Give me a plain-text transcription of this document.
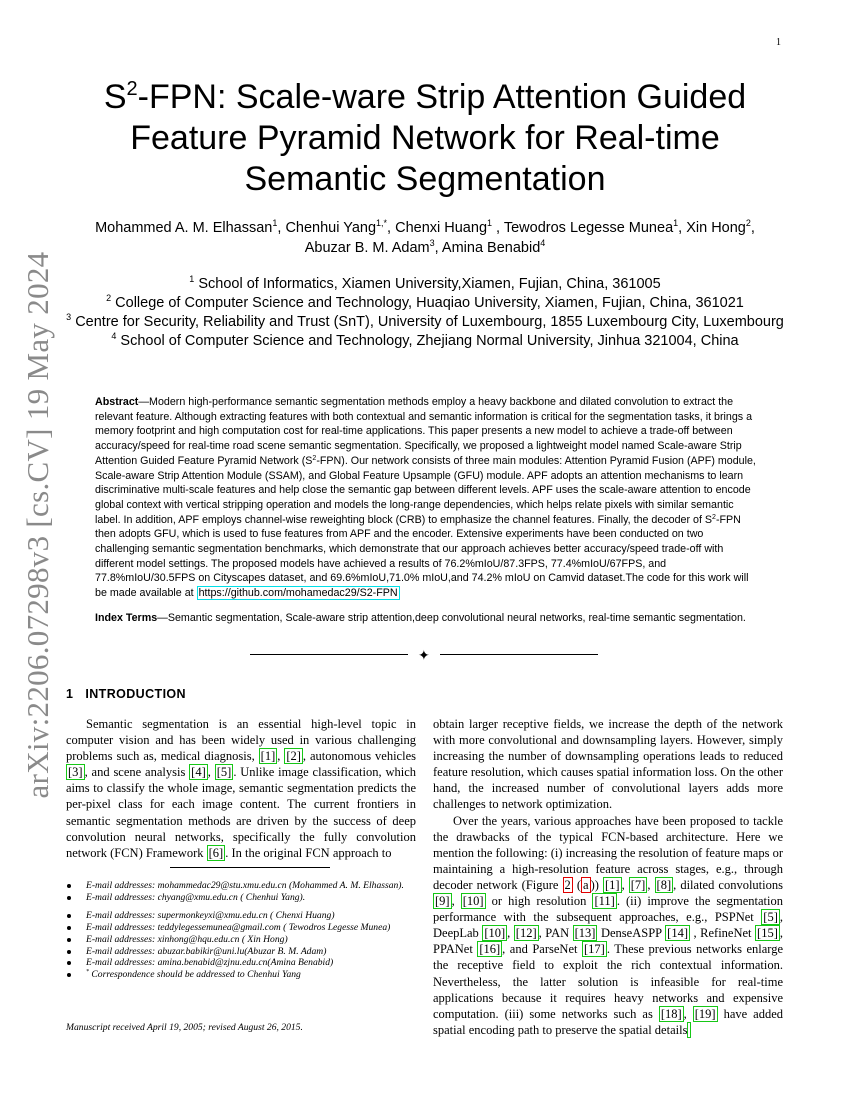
1
arXiv:2206.07298v3 [cs.CV] 19 May 2024
$S^2$-FPN: Scale-ware Strip Attention Guided Feature Pyramid Network for Real-time Semantic Segmentation
Mohammed A. M. Elhassan$^1$, Chenhui Yang$^{1,*}$, Chenxi Huang$^1$ , Tewodros Legesse Munea$^1$, Xin Hong$^2$,
Abuzar B. M. Adam$^3$, Amina Benabid$^4$
$^1$ School of Informatics, Xiamen University,Xiamen, Fujian, China, 361005
$^2$ College of Computer Science and Technology, Huaqiao University, Xiamen, Fujian, China, 361021
$^3$ Centre for Security, Reliability and Trust (SnT), University of Luxembourg, 1855 Luxembourg City, Luxembourg
$^4$ School of Computer Science and Technology, Zhejiang Normal University, Jinhua 321004, China
Abstract—Modern high-performance semantic segmentation methods employ a heavy backbone and dilated convolution to extract the relevant feature. Although extracting features with both contextual and semantic information is critical for the segmentation tasks, it brings a memory footprint and high computation cost for real-time applications. This paper presents a new model to achieve a trade-off between accuracy/speed for real-time road scene semantic segmentation. Specifically, we proposed a lightweight model named Scale-aware Strip Attention Guided Feature Pyramid Network $(S^2-FPN)$. Our network consists of three main modules: Attention Pyramid Fusion (APF) module, Scale-aware Strip Attention Module (SSAM), and Global Feature Upsample (GFU) module. APF adopts an attention mechanisms to learn discriminative multi-scale features and help close the semantic gap between different levels. APF uses the scale-aware attention to encode global context with vertical stripping operation and models the long-range dependencies, which helps relate pixels with similar semantic label. In addition, APF employs channel-wise reweighting block (CRB) to emphasize the channel features. Finally, the decoder of $S^2$-FPN then adopts GFU, which is used to fuse features from APF and the encoder. Extensive experiments have been conducted on two challenging semantic segmentation benchmarks, which demonstrate that our approach achieves better accuracy/speed trade-off with different model settings. The proposed models have achieved a results of 76.2%mIoU/87.3FPS, 77.4%mIoU/67FPS, and 77.8%mIoU/30.5FPS on Cityscapes dataset, and 69.6%mIoU,71.0% mIoU,and 74.2% mIoU on Camvid dataset.The code for this work will be made available at https://github.com/mohamedac29/S2-FPN
Index Terms—Semantic segmentation, Scale-aware strip attention,deep convolutional neural networks, real-time semantic segmentation.
✦
1 INTRODUCTION

Semantic segmentation is an essential high-level topic in computer vision and has been widely used in various challenging problems such as, medical diagnosis, [1] , [2] , autonomous vehicles [3] , and scene analysis [4] , [5] . Unlike image classification, which aims to classify the whole image, semantic segmentation predicts the per-pixel class for each image content. The current frontiers in semantic segmentation methods are driven by the success of deep convolution neural networks, specifically the fully convolution network (FCN) Framework [6] . In the original FCN approach to

obtain larger receptive fields, we increase the depth of the network with more convolutional and downsampling layers. However, simply increasing the number of downsampling operations leads to reduced feature resolution, which causes spatial information loss. On the other hand, the increased number of convolutional layers adds more challenges to network optimization.

Over the years, various approaches have been proposed to tackle the drawbacks of the typical FCN-based architecture. Here we mention the following: (i) increasing the resolution of feature maps or maintaining a high-resolution feature across stages, e.g., through decoder network (Figure 2 ( a )) [1] , [7] , [8] , dilated convolutions [9] , [10] or high resolution [11] . (ii) improve the segmentation performance with the subsequent approaches, e.g., PSPNet [5] , DeepLab [10] , [12] , PAN [13] DenseASPP [14] , RefineNet [15] , PPANet [16] , and ParseNet [17] . These previous networks enlarge the receptive field to exploit the rich contextual information. Nevertheless, the latter solution is infeasible for real-time applications because it requires heavy networks and expensive computation. (iii) some networks such as [18] , [19] have added spatial encoding path to preserve the spatial details

E-mail addresses: mohammedac29@stu.xmu.edu.cn (Mohammed A. M. Elhassan).
E-mail addresses: chyang@xmu.edu.cn ( Chenhui Yang).
E-mail addresses: supermonkeyxi@xmu.edu.cn ( Chenxi Huang)
E-mail addresses: teddylegessemunea@gmail.com ( Tewodros Legesse Munea)
E-mail addresses: xinhong@hqu.edu.cn ( Xin Hong)
E-mail addresses: abuzar.babikir@uni.lu(Abuzar B. M. Adam)
E-mail addresses: amina.benabid@zjnu.edu.cn(Amina Benabid)
* Correspondence should be addressed to Chenhui Yang
Manuscript received April 19, 2005; revised August 26, 2015.
